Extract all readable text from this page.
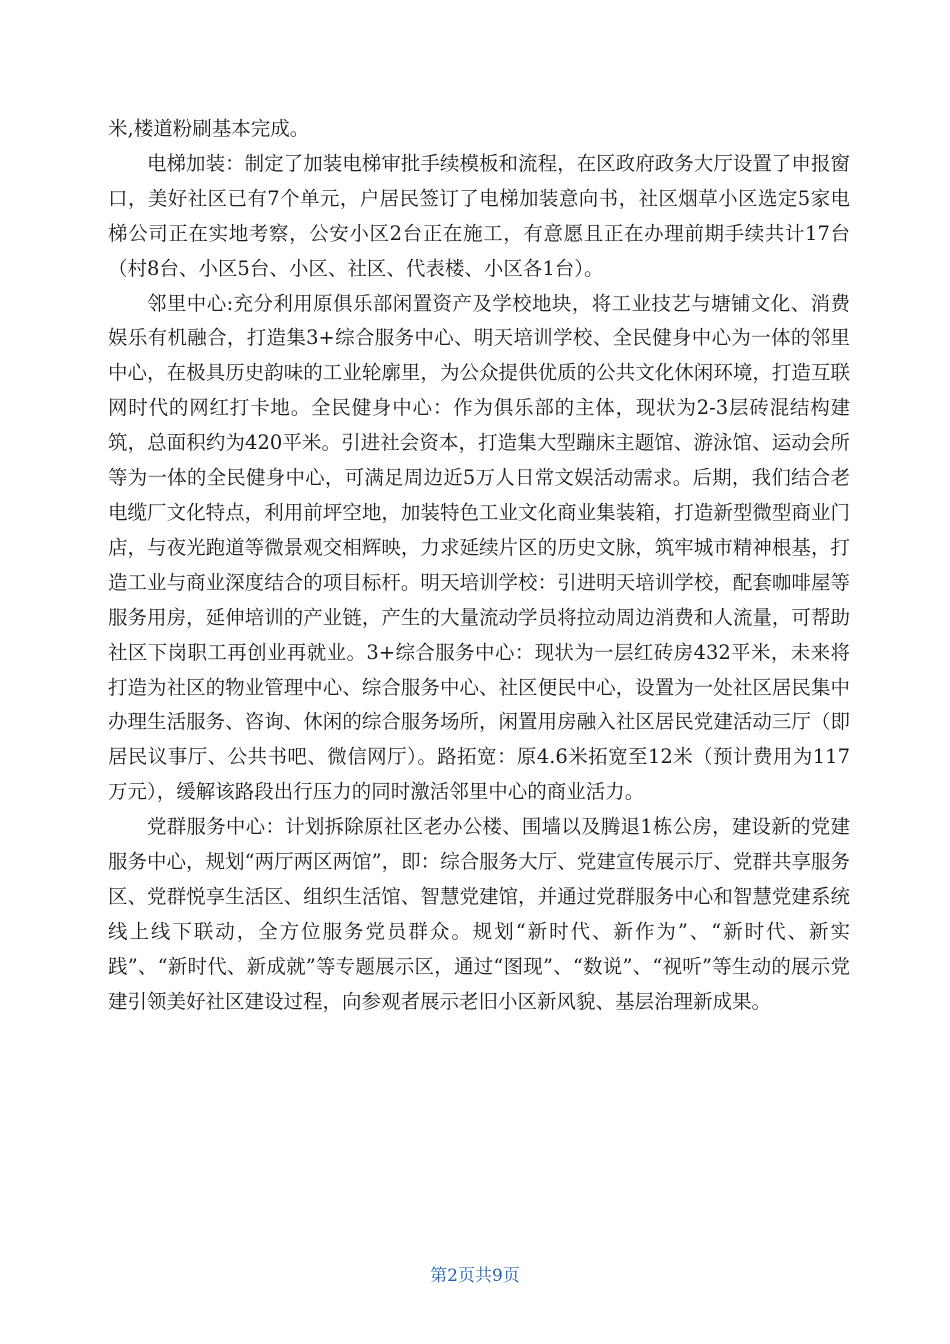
米,楼道粉刷基本完成。

电梯加装：制定了加装电梯审批手续模板和流程，在区政府政务大厅设置了申报窗口，美好社区已有7个单元，户居民签订了电梯加装意向书，社区烟草小区选定5家电梯公司正在实地考察，公安小区2台正在施工，有意愿且正在办理前期手续共计17台（村8台、小区5台、小区、社区、代表楼、小区各1台）。

邻里中心:充分利用原俱乐部闲置资产及学校地块，将工业技艺与塘铺文化、消费娱乐有机融合，打造集3+综合服务中心、明天培训学校、全民健身中心为一体的邻里中心，在极具历史韵味的工业轮廓里，为公众提供优质的公共文化休闲环境，打造互联网时代的网红打卡地。全民健身中心：作为俱乐部的主体，现状为2-3层砖混结构建筑，总面积约为420平米。引进社会资本，打造集大型蹦床主题馆、游泳馆、运动会所等为一体的全民健身中心，可满足周边近5万人日常文娱活动需求。后期，我们结合老电缆厂文化特点，利用前坪空地，加装特色工业文化商业集装箱，打造新型微型商业门店，与夜光跑道等微景观交相辉映，力求延续片区的历史文脉，筑牢城市精神根基，打造工业与商业深度结合的项目标杆。明天培训学校：引进明天培训学校，配套咖啡屋等服务用房，延伸培训的产业链，产生的大量流动学员将拉动周边消费和人流量，可帮助社区下岗职工再创业再就业。3+综合服务中心：现状为一层红砖房432平米，未来将打造为社区的物业管理中心、综合服务中心、社区便民中心，设置为一处社区居民集中办理生活服务、咨询、休闲的综合服务场所，闲置用房融入社区居民党建活动三厅（即居民议事厅、公共书吧、微信网厅）。路拓宽：原4.6米拓宽至12米（预计费用为117万元），缓解该路段出行压力的同时激活邻里中心的商业活力。

党群服务中心：计划拆除原社区老办公楼、围墙以及腾退1栋公房，建设新的党建服务中心，规划“两厅两区两馆”，即：综合服务大厅、党建宣传展示厅、党群共享服务区、党群悦享生活区、组织生活馆、智慧党建馆，并通过党群服务中心和智慧党建系统线上线下联动，全方位服务党员群众。规划“新时代、新作为”、“新时代、新实践”、“新时代、新成就”等专题展示区，通过“图现”、“数说”、“视听”等生动的展示党建引领美好社区建设过程，向参观者展示老旧小区新风貌、基层治理新成果。

第2页共9页
